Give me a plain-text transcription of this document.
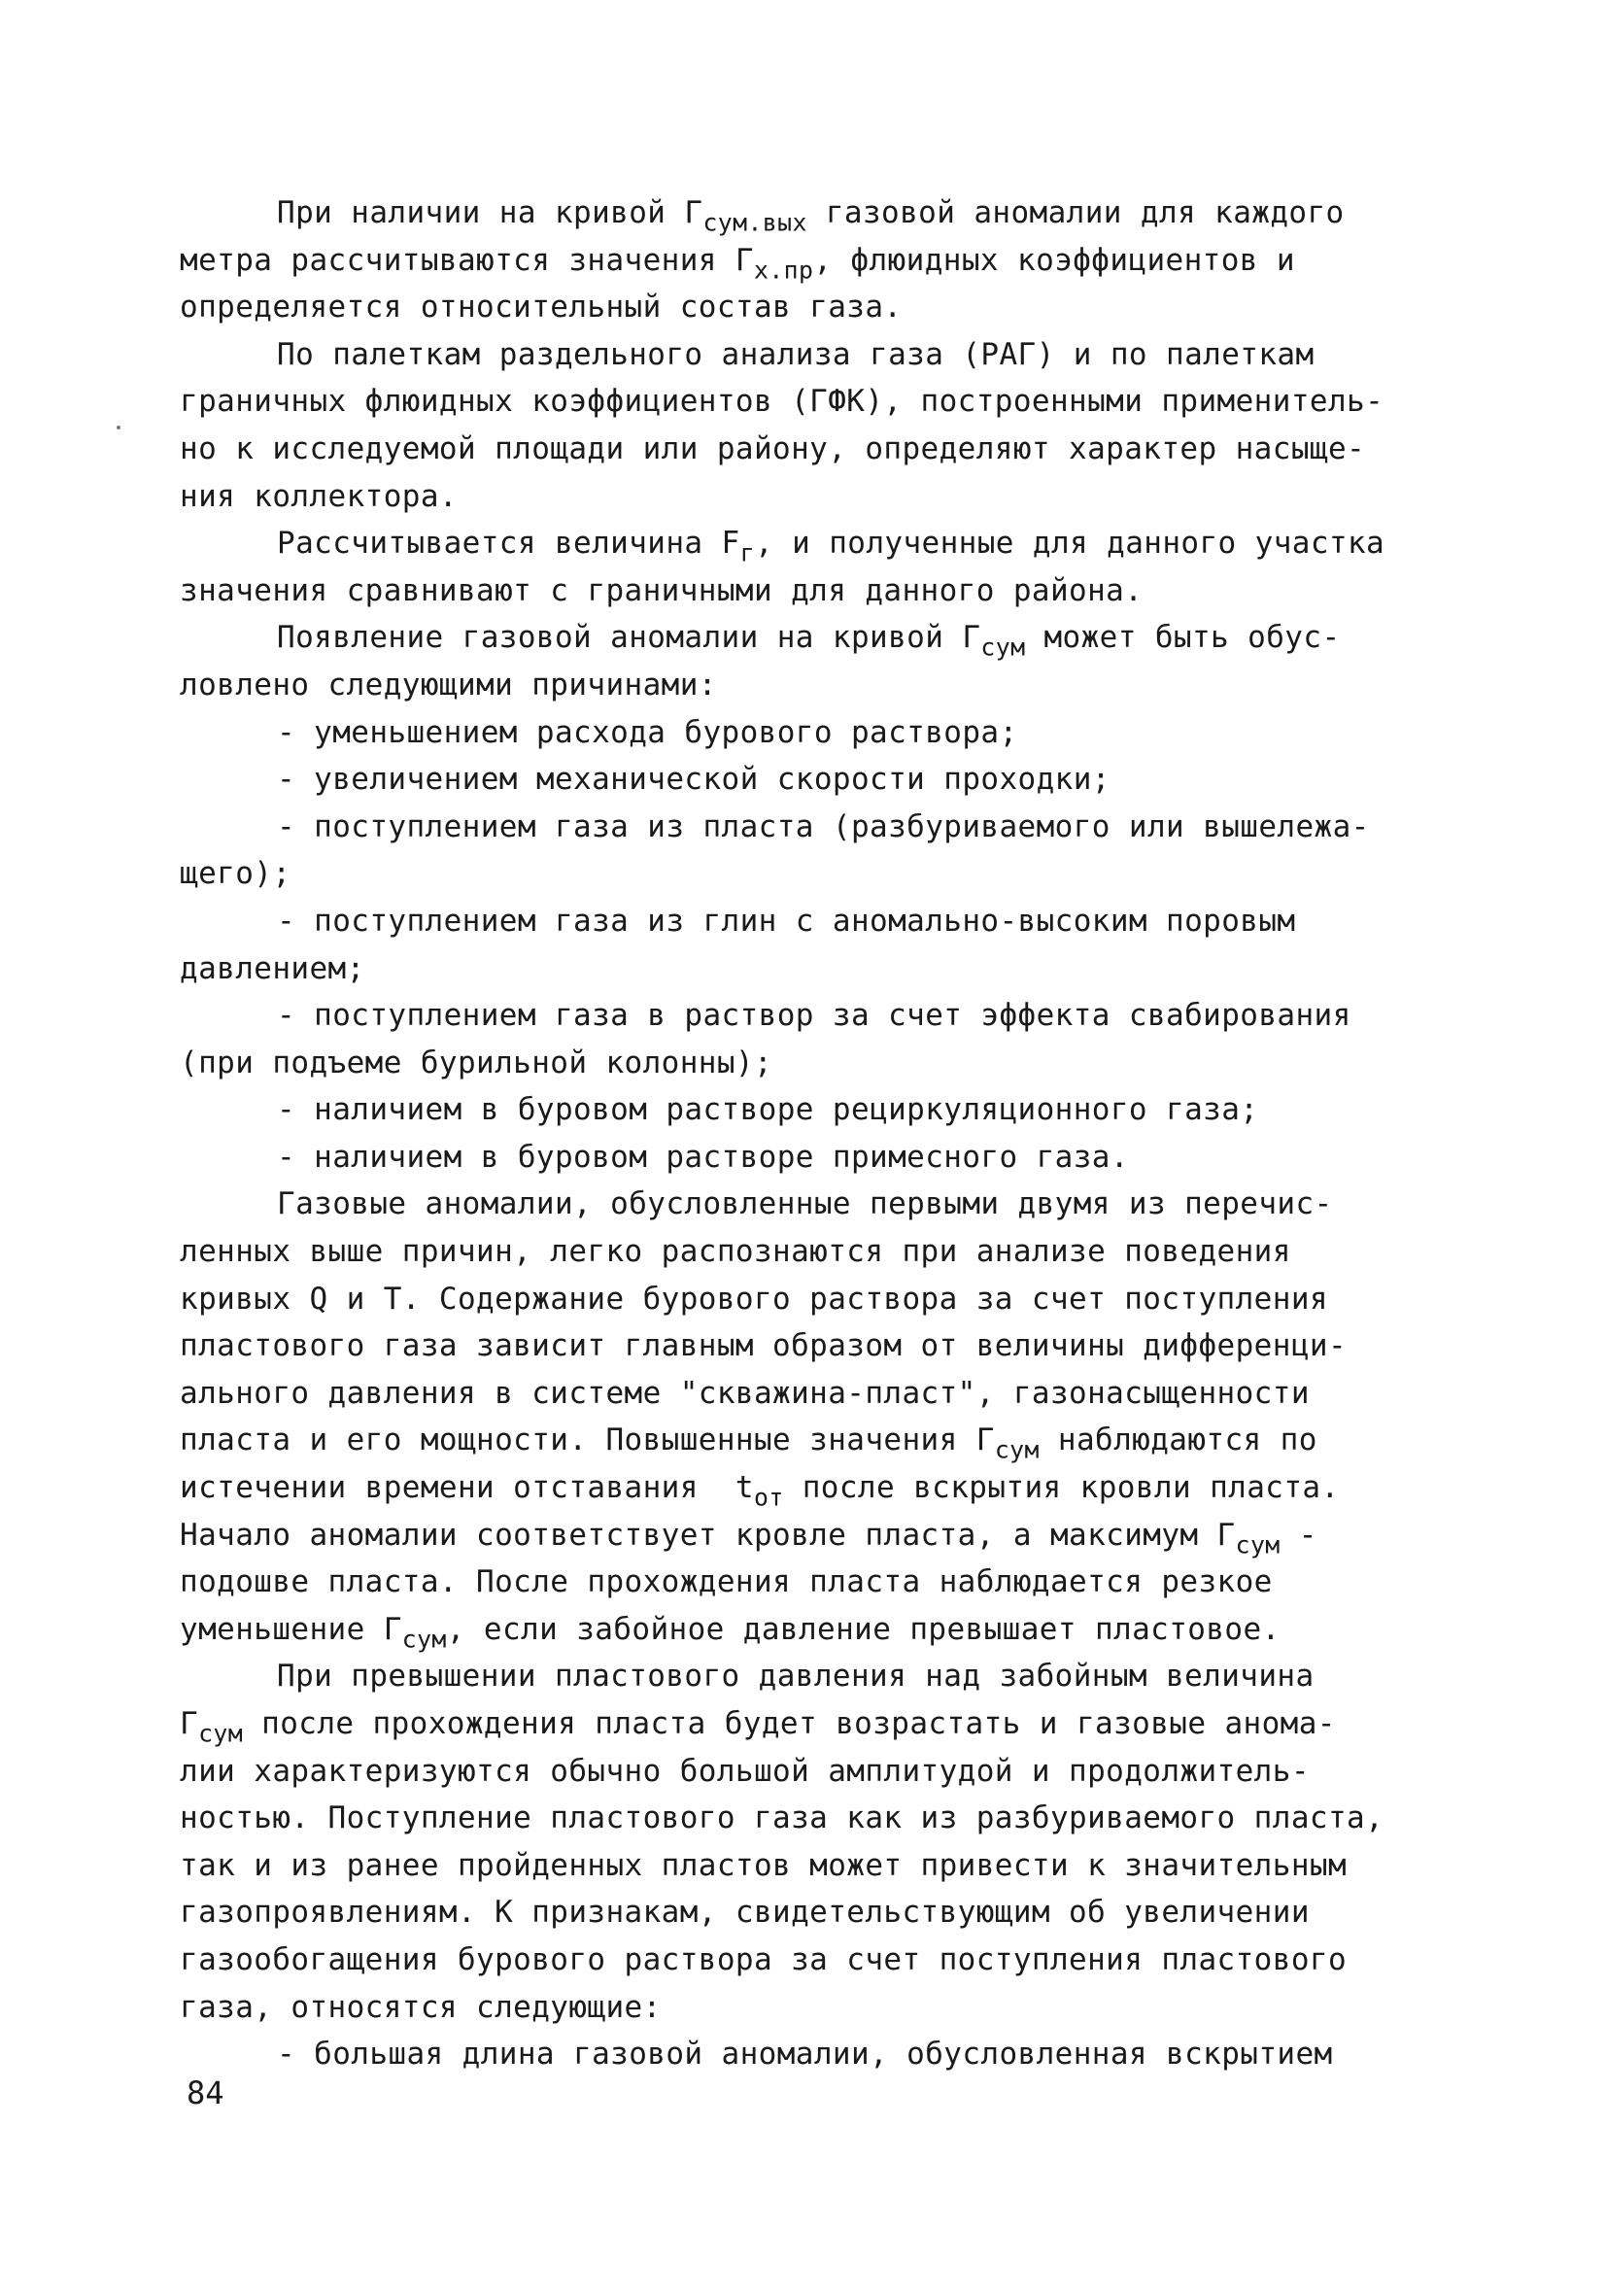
При наличии на кривой $Г_{сум.вых}$ газовой аномалии для каждого
метра рассчитываются значения $Г_{х.пр}$, флюидных коэффициентов и
определяется относительный состав газа.
По палеткам раздельного анализа газа (РАГ) и по палеткам
граничных флюидных коэффициентов (ГФК), построенными применитель-
но к исследуемой площади или району, определяют характер насыще-
ния коллектора.
Рассчитывается величина $F_г$, и полученные для данного участка
значения сравнивают с граничными для данного района.
Появление газовой аномалии на кривой $Г_{сум}$ может быть обус-
ловлено следующими причинами:
- уменьшением расхода бурового раствора;
- увеличением механической скорости проходки;
- поступлением газа из пласта (разбуриваемого или вышележа-
щего);
- поступлением газа из глин с аномально-высоким поровым
давлением;
- поступлением газа в раствор за счет эффекта свабирования
(при подъеме бурильной колонны);
- наличием в буровом растворе рециркуляционного газа;
- наличием в буровом растворе примесного газа.
Газовые аномалии, обусловленные первыми двумя из перечис-
ленных выше причин, легко распознаются при анализе поведения
кривых Q и Т. Содержание бурового раствора за счет поступления
пластового газа зависит главным образом от величины дифференци-
ального давления в системе "скважина-пласт", газонасыщенности
пласта и его мощности. Повышенные значения $Г_{сум}$ наблюдаются по
истечении времени отставания  $t_{от}$ после вскрытия кровли пласта.
Начало аномалии соответствует кровле пласта, а максимум $Г_{сум}$ -
подошве пласта. После прохождения пласта наблюдается резкое
уменьшение $Г_{сум}$, если забойное давление превышает пластовое.
При превышении пластового давления над забойным величина
$Г_{сум}$ после прохождения пласта будет возрастать и газовые анома-
лии характеризуются обычно большой амплитудой и продолжитель-
ностью. Поступление пластового газа как из разбуриваемого пласта,
так и из ранее пройденных пластов может привести к значительным
газопроявлениям. К признакам, свидетельствующим об увеличении
газообогащения бурового раствора за счет поступления пластового
газа, относятся следующие:
- большая длина газовой аномалии, обусловленная вскрытием
84
